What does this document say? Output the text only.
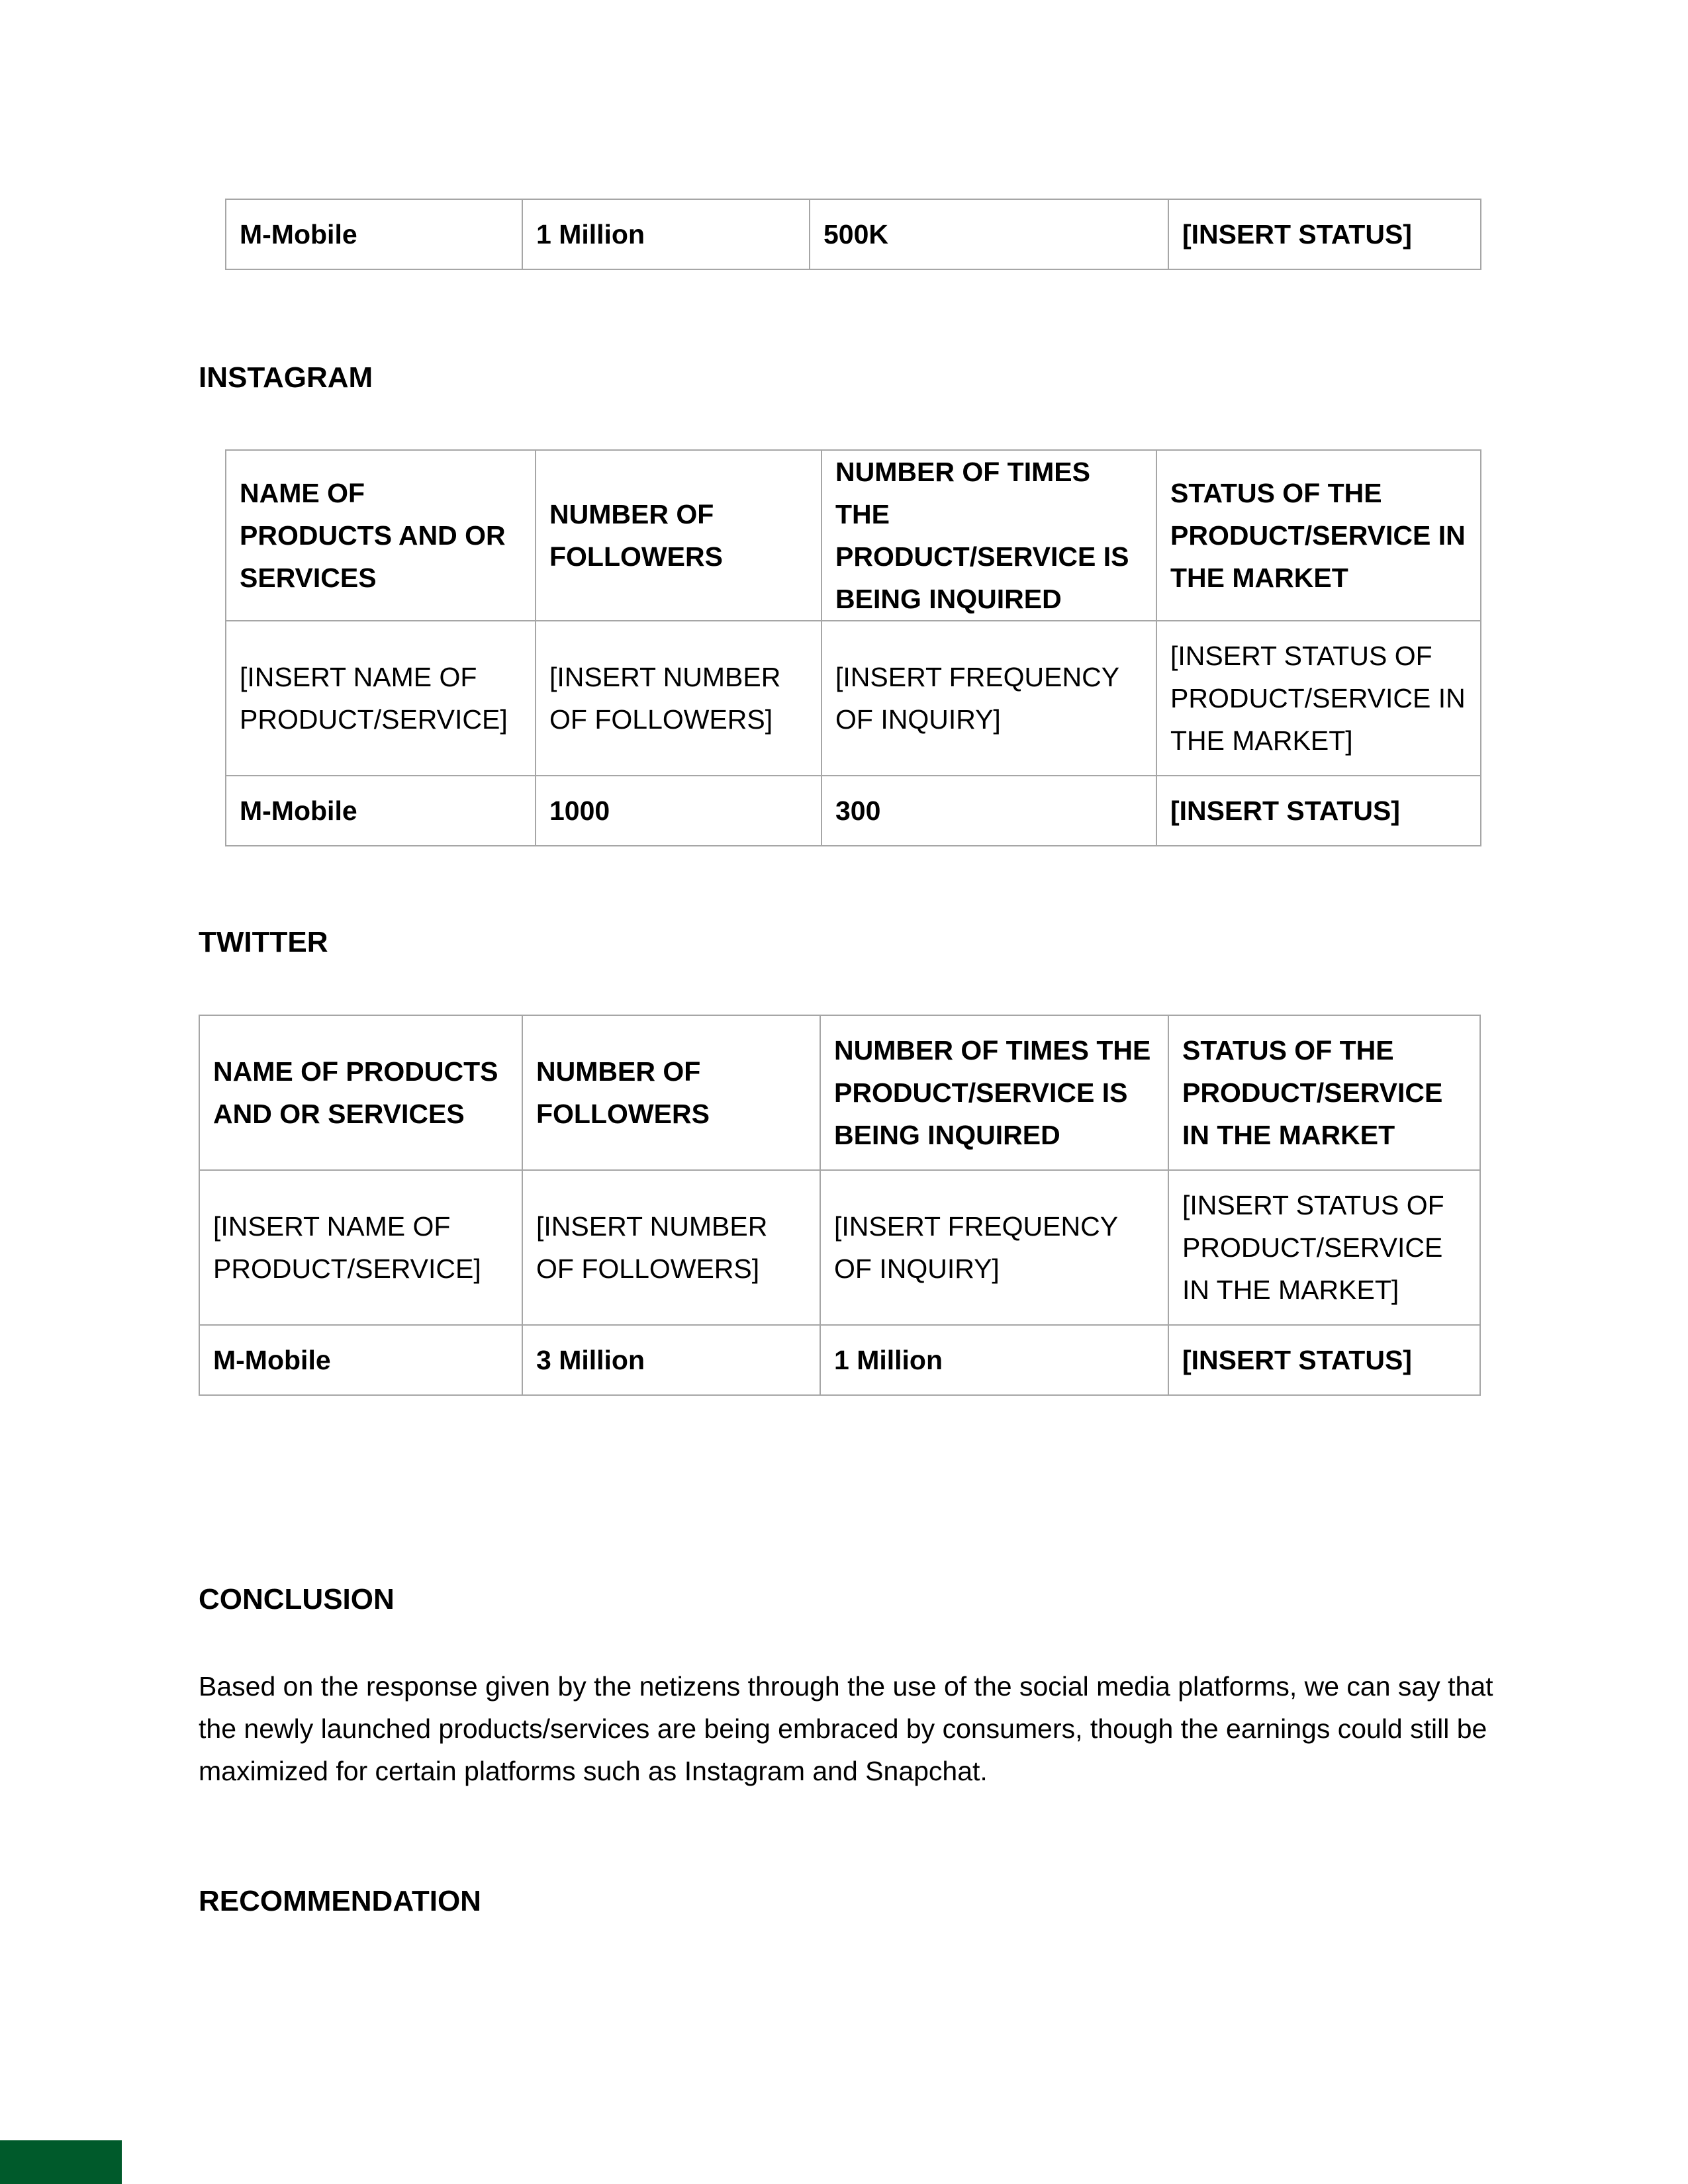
M-Mobile	1 Million	500K	[INSERT STATUS]
INSTAGRAM
NAME OF PRODUCTS AND OR SERVICES	NUMBER OF FOLLOWERS	NUMBER OF TIMES THE PRODUCT/SERVICE IS BEING INQUIRED	STATUS OF THE PRODUCT/SERVICE IN THE MARKET
[INSERT NAME OF PRODUCT/SERVICE]	[INSERT NUMBER OF FOLLOWERS]	[INSERT FREQUENCY OF INQUIRY]	[INSERT STATUS OF PRODUCT/SERVICE IN THE MARKET]
M-Mobile	1000	300	[INSERT STATUS]
TWITTER
NAME OF PRODUCTS AND OR SERVICES	NUMBER OF FOLLOWERS	NUMBER OF TIMES THE PRODUCT/SERVICE IS BEING INQUIRED	STATUS OF THE PRODUCT/SERVICE IN THE MARKET
[INSERT NAME OF PRODUCT/SERVICE]	[INSERT NUMBER OF FOLLOWERS]	[INSERT FREQUENCY OF INQUIRY]	[INSERT STATUS OF PRODUCT/SERVICE IN THE MARKET]
M-Mobile	3 Million	1 Million	[INSERT STATUS]
CONCLUSION

Based on the response given by the netizens through the use of the social media platforms, we can say that the newly launched products/services are being embraced by consumers, though the earnings could still be maximized for certain platforms such as Instagram and Snapchat.

RECOMMENDATION
